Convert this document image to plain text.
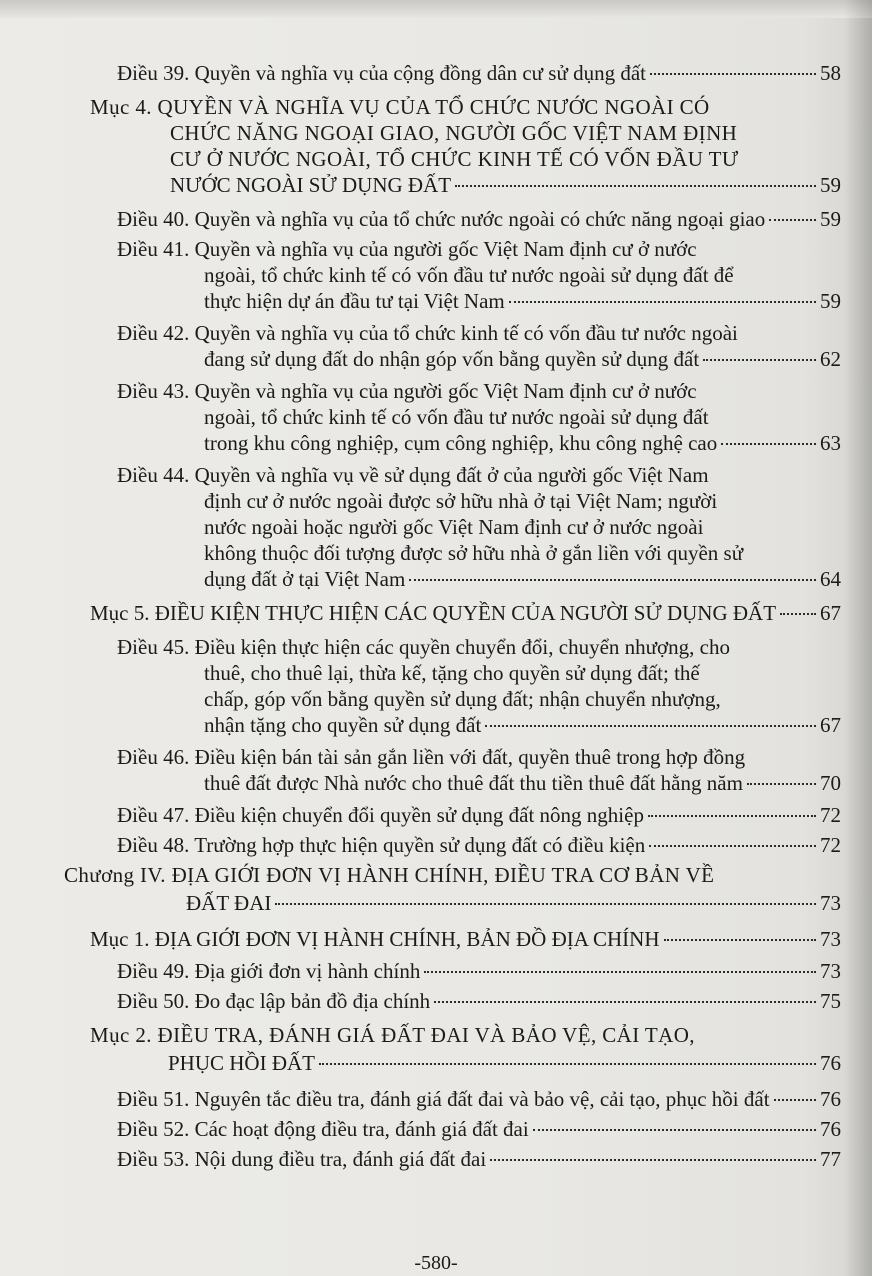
Điều 39. Quyền và nghĩa vụ của cộng đồng dân cư sử dụng đất	58
Mục 4. QUYỀN VÀ NGHĨA VỤ CỦA TỔ CHỨC NƯỚC NGOÀI CÓ
CHỨC NĂNG NGOẠI GIAO, NGƯỜI GỐC VIỆT NAM ĐỊNH
CƯ Ở NƯỚC NGOÀI, TỔ CHỨC KINH TẾ CÓ VỐN ĐẦU TƯ
NƯỚC NGOÀI SỬ DỤNG ĐẤT	59
Điều 40. Quyền và nghĩa vụ của tổ chức nước ngoài có chức năng ngoại giao	59
Điều 41. Quyền và nghĩa vụ của người gốc Việt Nam định cư ở nước
ngoài, tổ chức kinh tế có vốn đầu tư nước ngoài sử dụng đất để
thực hiện dự án đầu tư tại Việt Nam	59
Điều 42. Quyền và nghĩa vụ của tổ chức kinh tế có vốn đầu tư nước ngoài
đang sử dụng đất do nhận góp vốn bằng quyền sử dụng đất	62
Điều 43. Quyền và nghĩa vụ của người gốc Việt Nam định cư ở nước
ngoài, tổ chức kinh tế có vốn đầu tư nước ngoài sử dụng đất
trong khu công nghiệp, cụm công nghiệp, khu công nghệ cao	63
Điều 44. Quyền và nghĩa vụ về sử dụng đất ở của người gốc Việt Nam
định cư ở nước ngoài được sở hữu nhà ở tại Việt Nam; người
nước ngoài hoặc người gốc Việt Nam định cư ở nước ngoài
không thuộc đối tượng được sở hữu nhà ở gắn liền với quyền sử
dụng đất ở tại Việt Nam	64
Mục 5. ĐIỀU KIỆN THỰC HIỆN CÁC QUYỀN CỦA NGƯỜI SỬ DỤNG ĐẤT 67
Điều 45. Điều kiện thực hiện các quyền chuyển đổi, chuyển nhượng, cho
thuê, cho thuê lại, thừa kế, tặng cho quyền sử dụng đất; thế
chấp, góp vốn bằng quyền sử dụng đất; nhận chuyển nhượng,
nhận tặng cho quyền sử dụng đất	67
Điều 46. Điều kiện bán tài sản gắn liền với đất, quyền thuê trong hợp đồng
thuê đất được Nhà nước cho thuê đất thu tiền thuê đất hằng năm	70
Điều 47. Điều kiện chuyển đổi quyền sử dụng đất nông nghiệp	72
Điều 48. Trường hợp thực hiện quyền sử dụng đất có điều kiện	72
Chương IV. ĐỊA GIỚI ĐƠN VỊ HÀNH CHÍNH, ĐIỀU TRA CƠ BẢN VỀ
ĐẤT ĐAI	73
Mục 1. ĐỊA GIỚI ĐƠN VỊ HÀNH CHÍNH, BẢN ĐỒ ĐỊA CHÍNH	73
Điều 49. Địa giới đơn vị hành chính	73
Điều 50. Đo đạc lập bản đồ địa chính	75
Mục 2. ĐIỀU TRA, ĐÁNH GIÁ ĐẤT ĐAI VÀ BẢO VỆ, CẢI TẠO,
PHỤC HỒI ĐẤT	76
Điều 51. Nguyên tắc điều tra, đánh giá đất đai và bảo vệ, cải tạo, phục hồi đất 76
Điều 52. Các hoạt động điều tra, đánh giá đất đai	76
Điều 53. Nội dung điều tra, đánh giá đất đai	77
-580-
